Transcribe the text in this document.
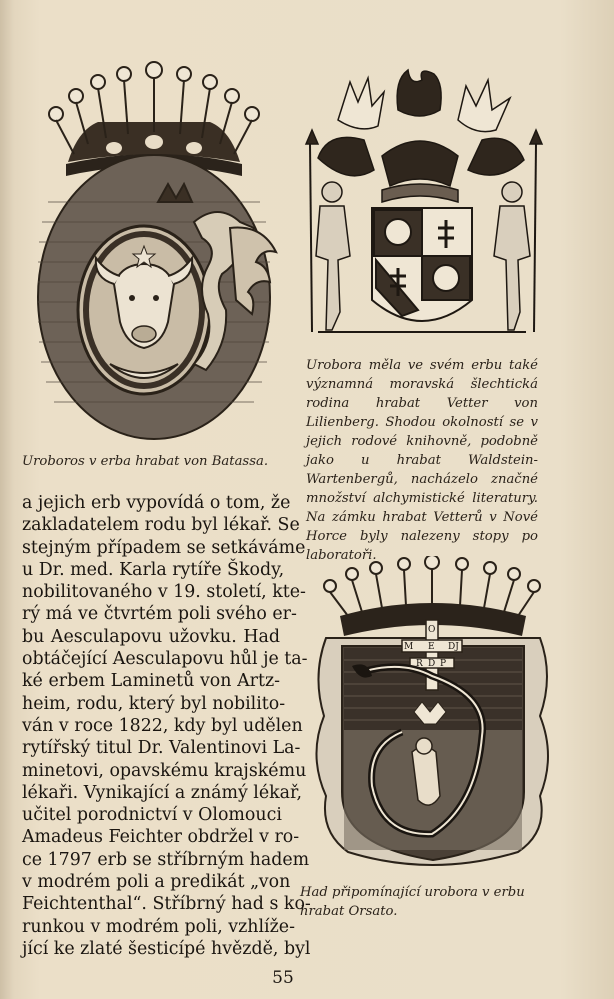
O
M E DJ
D
R P
Uroboros v erba hrabat von Batassa.
Urobora měla ve svém erbu také významná moravská šlechtická rodina hrabat Vetter von Lilienberg. Shodou okolností se v jejich rodové knihovně, podobně jako u hrabat Waldstein-Wartenbergů, nacházelo značné množství alchymistické literatury. Na zámku hrabat Vetterů v Nové Horce byly nalezeny stopy po laboratoři.
Had připomínající urobora v erbu hrabat Orsato.
a jejich erb vypovídá o tom, že
zakladatelem rodu byl lékař. Se
stejným případem se setkáváme
u Dr. med. Karla rytíře Škody,
nobilitovaného v 19. století, kte-
rý má ve čtvrtém poli svého er-
bu Aesculapovu užovku. Had
obtáčející Aesculapovu hůl je ta-
ké erbem Laminetů von Artz-
heim, rodu, který byl nobilito-
ván v roce 1822, kdy byl udělen
rytířský titul Dr. Valentinovi La-
minetovi, opavskému krajskému
lékaři. Vynikající a známý lékař,
učitel porodnictví v Olomouci
Amadeus Feichter obdržel v ro-
ce 1797 erb se stříbrným hadem
v modrém poli a predikát „von
Feichtenthal“. Stříbrný had s ko-
runkou v modrém poli, vzhlíže-
jící ke zlaté šesticípé hvězdě, byl
55
